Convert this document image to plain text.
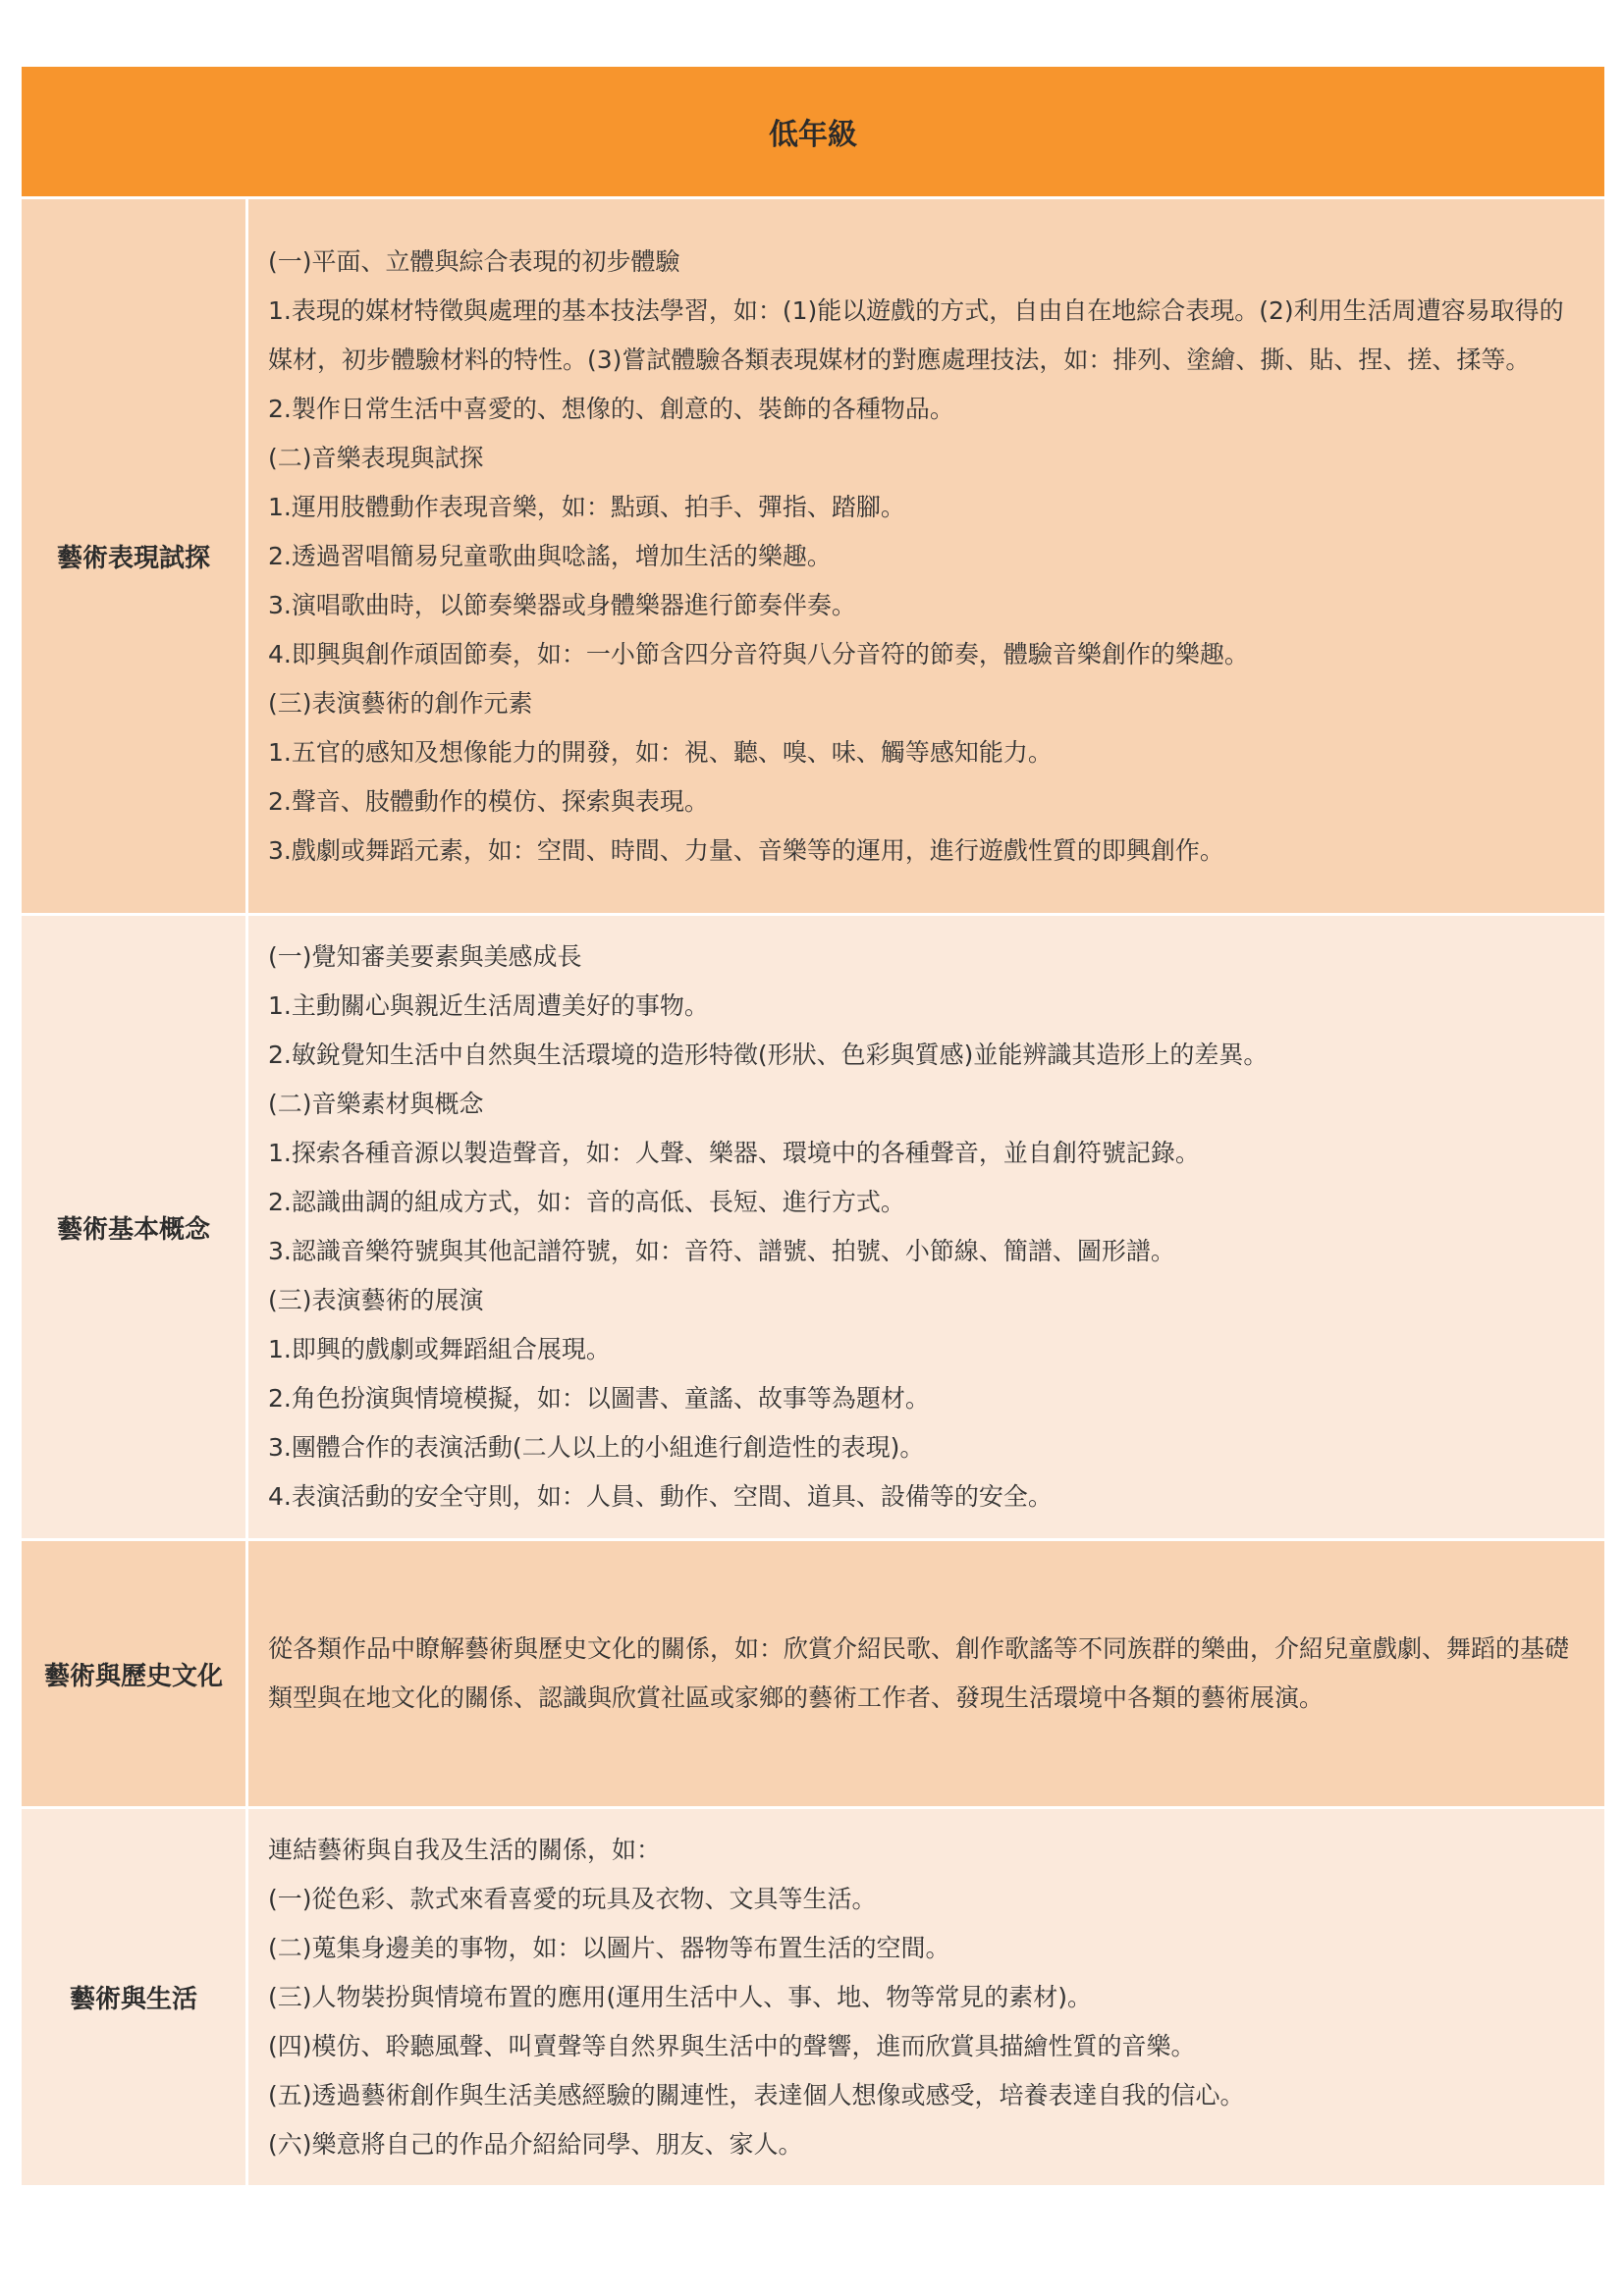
低年級
藝術表現試探

(一)平面、立體與綜合表現的初步體驗

1.表現的媒材特徵與處理的基本技法學習，如：(1)能以遊戲的方式，自由自在地綜合表現。(2)利用生活周遭容易取得的媒材，初步體驗材料的特性。(3)嘗試體驗各類表現媒材的對應處理技法，如：排列、塗繪、撕、貼、捏、搓、揉等。

2.製作日常生活中喜愛的、想像的、創意的、裝飾的各種物品。

(二)音樂表現與試探

1.運用肢體動作表現音樂，如：點頭、拍手、彈指、踏腳。

2.透過習唱簡易兒童歌曲與唸謠，增加生活的樂趣。

3.演唱歌曲時，以節奏樂器或身體樂器進行節奏伴奏。

4.即興與創作頑固節奏，如：一小節含四分音符與八分音符的節奏，體驗音樂創作的樂趣。

(三)表演藝術的創作元素

1.五官的感知及想像能力的開發，如：視、聽、嗅、味、觸等感知能力。

2.聲音、肢體動作的模仿、探索與表現。

3.戲劇或舞蹈元素，如：空間、時間、力量、音樂等的運用，進行遊戲性質的即興創作。

藝術基本概念

(一)覺知審美要素與美感成長

1.主動關心與親近生活周遭美好的事物。

2.敏銳覺知生活中自然與生活環境的造形特徵(形狀、色彩與質感)並能辨識其造形上的差異。

(二)音樂素材與概念

1.探索各種音源以製造聲音，如：人聲、樂器、環境中的各種聲音，並自創符號記錄。

2.認識曲調的組成方式，如：音的高低、長短、進行方式。

3.認識音樂符號與其他記譜符號，如：音符、譜號、拍號、小節線、簡譜、圖形譜。

(三)表演藝術的展演

1.即興的戲劇或舞蹈組合展現。

2.角色扮演與情境模擬，如：以圖書、童謠、故事等為題材。

3.團體合作的表演活動(二人以上的小組進行創造性的表現)。

4.表演活動的安全守則，如：人員、動作、空間、道具、設備等的安全。

藝術與歷史文化

從各類作品中瞭解藝術與歷史文化的關係，如：欣賞介紹民歌、創作歌謠等不同族群的樂曲，介紹兒童戲劇、舞蹈的基礎類型與在地文化的關係、認識與欣賞社區或家鄉的藝術工作者、發現生活環境中各類的藝術展演。

藝術與生活

連結藝術與自我及生活的關係，如：

(一)從色彩、款式來看喜愛的玩具及衣物、文具等生活。

(二)蒐集身邊美的事物，如：以圖片、器物等布置生活的空間。

(三)人物裝扮與情境布置的應用(運用生活中人、事、地、物等常見的素材)。

(四)模仿、聆聽風聲、叫賣聲等自然界與生活中的聲響，進而欣賞具描繪性質的音樂。

(五)透過藝術創作與生活美感經驗的關連性，表達個人想像或感受，培養表達自我的信心。

(六)樂意將自己的作品介紹給同學、朋友、家人。
